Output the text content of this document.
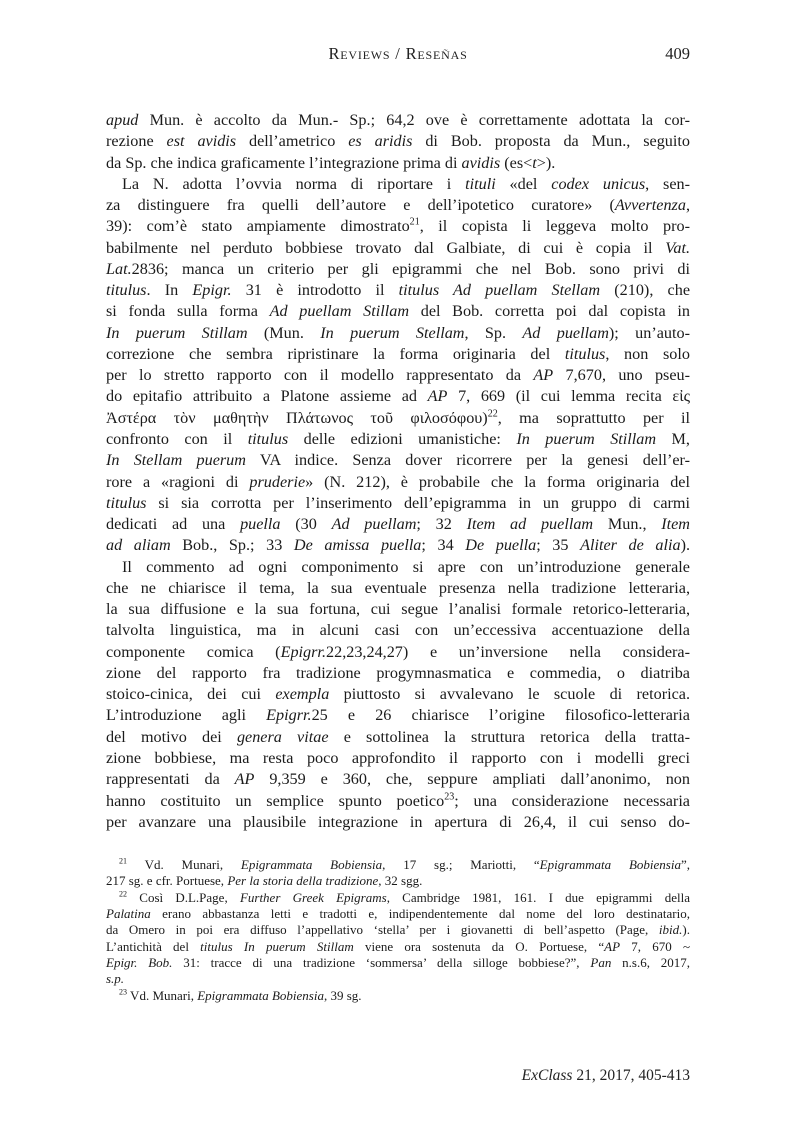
Reviews / Reseñas	409
apud Mun. è accolto da Mun.- Sp.; 64,2 ove è correttamente adottata la cor-
rezione est avidis dell’ametrico es aridis di Bob. proposta da Mun., seguito
da Sp. che indica graficamente l’integrazione prima di avidis (es<t>).
La N. adotta l’ovvia norma di riportare i tituli «del codex unicus, sen-
za distinguere fra quelli dell’autore e dell’ipotetico curatore» (Avvertenza,
39): com’è stato ampiamente dimostrato$^{21}$, il copista li leggeva molto pro-
babilmente nel perduto bobbiese trovato dal Galbiate, di cui è copia il Vat.
Lat.2836; manca un criterio per gli epigrammi che nel Bob. sono privi di
titulus. In Epigr. 31 è introdotto il titulus Ad puellam Stellam (210), che
si fonda sulla forma Ad puellam Stillam del Bob. corretta poi dal copista in
In puerum Stillam (Mun. In puerum Stellam, Sp. Ad puellam); un’auto-
correzione che sembra ripristinare la forma originaria del titulus, non solo
per lo stretto rapporto con il modello rappresentato da AP 7,670, uno pseu-
do epitafio attribuito a Platone assieme ad AP 7, 669 (il cui lemma recita εἰς
Ἀστέρα τὸν μαθητὴν Πλάτωνος τοῦ φιλοσόφου)$^{22}$, ma soprattutto per il
confronto con il titulus delle edizioni umanistiche: In puerum Stillam M,
In Stellam puerum VA indice. Senza dover ricorrere per la genesi dell’er-
rore a «ragioni di pruderie» (N. 212), è probabile che la forma originaria del
titulus si sia corrotta per l’inserimento dell’epigramma in un gruppo di carmi
dedicati ad una puella (30 Ad puellam; 32 Item ad puellam Mun., Item
ad aliam Bob., Sp.; 33 De amissa puella; 34 De puella; 35 Aliter de alia).
Il commento ad ogni componimento si apre con un’introduzione generale
che ne chiarisce il tema, la sua eventuale presenza nella tradizione letteraria,
la sua diffusione e la sua fortuna, cui segue l’analisi formale retorico-letteraria,
talvolta linguistica, ma in alcuni casi con un’eccessiva accentuazione della
componente comica (Epigrr.22,23,24,27) e un’inversione nella considera-
zione del rapporto fra tradizione progymnasmatica e commedia, o diatriba
stoico-cinica, dei cui exempla piuttosto si avvalevano le scuole di retorica.
L’introduzione agli Epigrr.25 e 26 chiarisce l’origine filosofico-letteraria
del motivo dei genera vitae e sottolinea la struttura retorica della tratta-
zione bobbiese, ma resta poco approfondito il rapporto con i modelli greci
rappresentati da AP 9,359 e 360, che, seppure ampliati dall’anonimo, non
hanno costituito un semplice spunto poetico$^{23}$; una considerazione necessaria
per avanzare una plausibile integrazione in apertura di 26,4, il cui senso do-
$^{21}$ Vd. Munari, Epigrammata Bobiensia, 17 sg.; Mariotti, “Epigrammata Bobiensia”,
217 sg. e cfr. Portuese, Per la storia della tradizione, 32 sgg.
$^{22}$ Così D.L.Page, Further Greek Epigrams, Cambridge 1981, 161. I due epigrammi della
Palatina erano abbastanza letti e tradotti e, indipendentemente dal nome del loro destinatario,
da Omero in poi era diffuso l’appellativo ‘stella’ per i giovanetti di bell’aspetto (Page, ibid.).
L’antichità del titulus In puerum Stillam viene ora sostenuta da O. Portuese, “AP 7, 670 ~
Epigr. Bob. 31: tracce di una tradizione ‘sommersa’ della silloge bobbiese?”, Pan n.s.6, 2017,
s.p.
$^{23}$ Vd. Munari, Epigrammata Bobiensia, 39 sg.
ExClass 21, 2017, 405-413
